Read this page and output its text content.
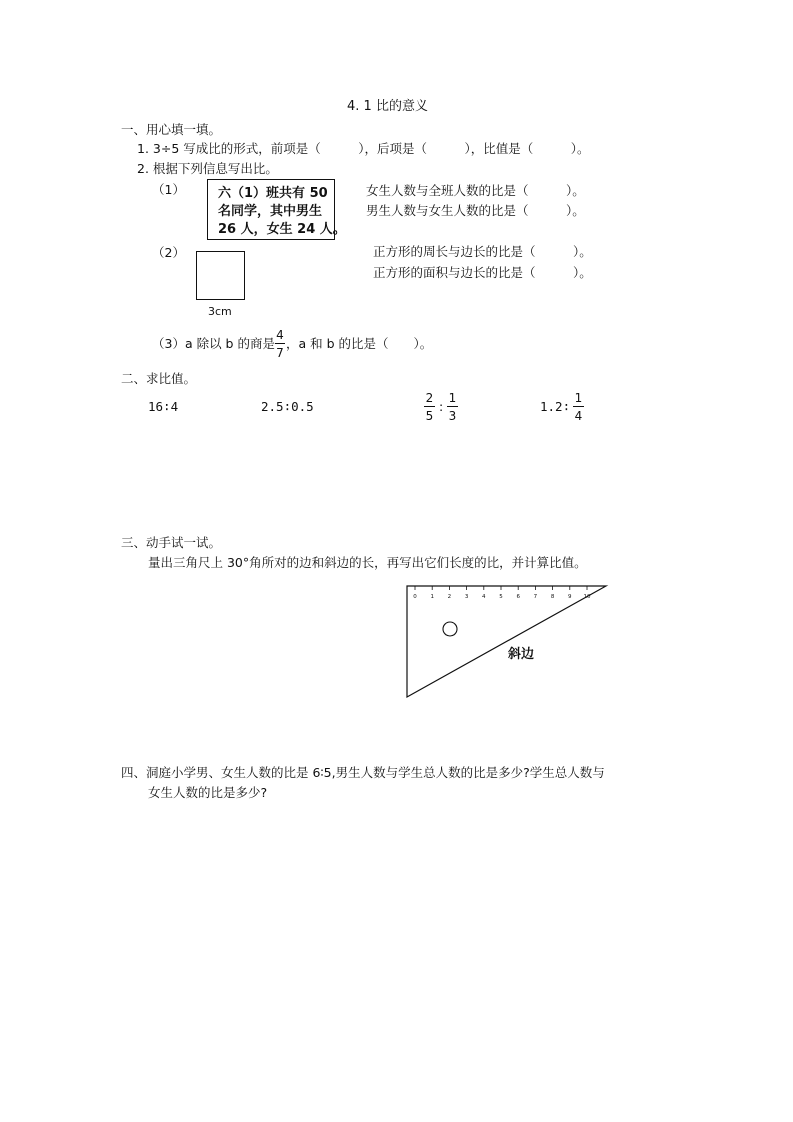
4. 1 比的意义
一、用心填一填。
1. 3÷5 写成比的形式，前项是（　　　），后项是（　　　），比值是（　　　）。
2. 根据下列信息写出比。
（1）	六（1）班共有 50
名同学，其中男生
26 人，女生 24 人。
女生人数与全班人数的比是（　　　）。
男生人数与女生人数的比是（　　　）。
（2）
3cm
正方形的周长与边长的比是（　　　）。
正方形的面积与边长的比是（　　　）。
（3）a 除以 b 的商是
4
7
，a 和 b 的比是（　　）。
二、求比值。
16∶4	2.5∶0.5
2
5
:
1
3
1.2∶
1
4
三、动手试一试。
量出三角尺上 30°角所对的边和斜边的长，再写出它们长度的比，并计算比值。
0 1 2 3 4 5 6 7 8 9 10
斜边
四、洞庭小学男、女生人数的比是 6∶5,男生人数与学生总人数的比是多少?学生总人数与
女生人数的比是多少?
